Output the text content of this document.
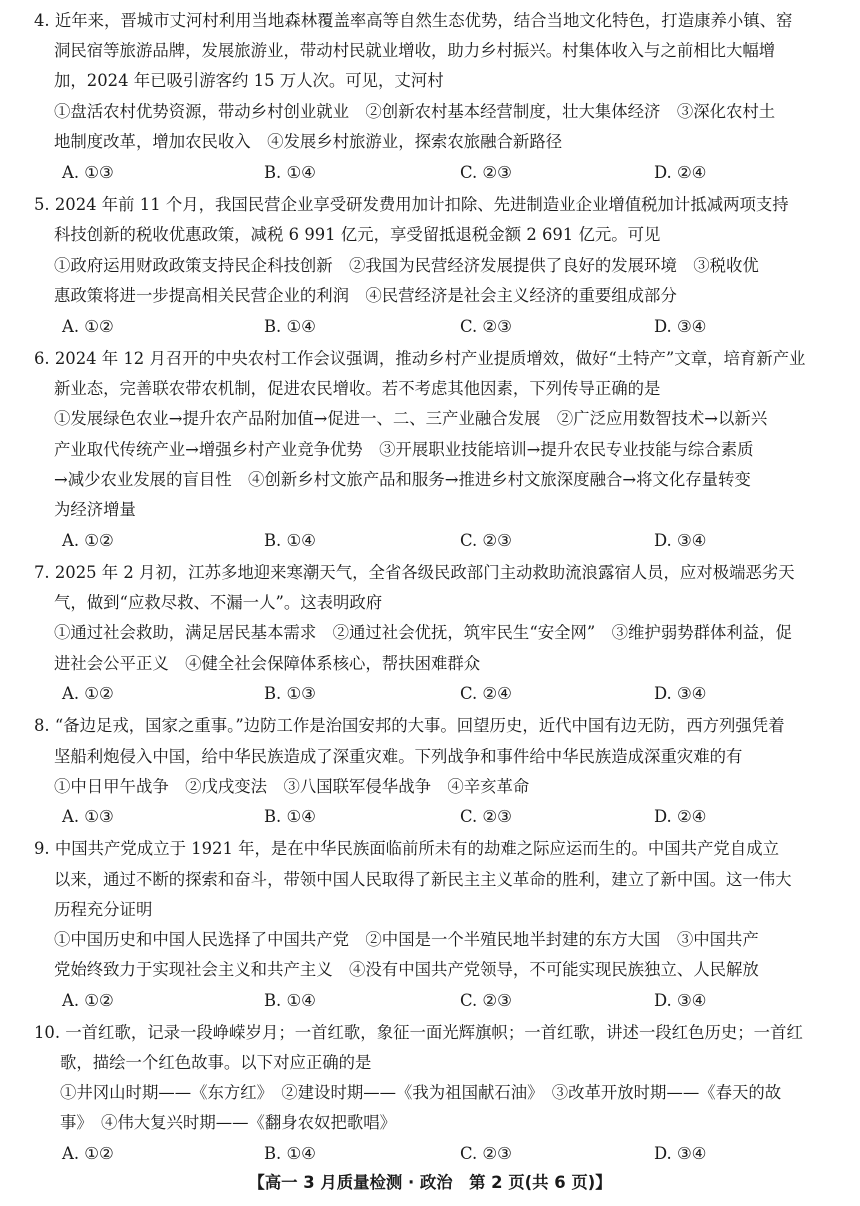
4. 近年来，晋城市丈河村利用当地森林覆盖率高等自然生态优势，结合当地文化特色，打造康养小镇、窑
洞民宿等旅游品牌，发展旅游业，带动村民就业增收，助力乡村振兴。村集体收入与之前相比大幅增
加，2024 年已吸引游客约 15 万人次。可见，丈河村
①盘活农村优势资源，带动乡村创业就业　②创新农村基本经营制度，壮大集体经济　③深化农村土
地制度改革，增加农民收入　④发展乡村旅游业，探索农旅融合新路径
A. ①③	B. ①④	C. ②③	D. ②④
5. 2024 年前 11 个月，我国民营企业享受研发费用加计扣除、先进制造业企业增值税加计抵减两项支持
科技创新的税收优惠政策，减税 6 991 亿元，享受留抵退税金额 2 691 亿元。可见
①政府运用财政政策支持民企科技创新　②我国为民营经济发展提供了良好的发展环境　③税收优
惠政策将进一步提高相关民营企业的利润　④民营经济是社会主义经济的重要组成部分
A. ①②	B. ①④	C. ②③	D. ③④
6. 2024 年 12 月召开的中央农村工作会议强调，推动乡村产业提质增效，做好“土特产”文章，培育新产业
新业态，完善联农带农机制，促进农民增收。若不考虑其他因素，下列传导正确的是
①发展绿色农业→提升农产品附加值→促进一、二、三产业融合发展　②广泛应用数智技术→以新兴
产业取代传统产业→增强乡村产业竞争优势　③开展职业技能培训→提升农民专业技能与综合素质
→减少农业发展的盲目性　④创新乡村文旅产品和服务→推进乡村文旅深度融合→将文化存量转变
为经济增量
A. ①②	B. ①④	C. ②③	D. ③④
7. 2025 年 2 月初，江苏多地迎来寒潮天气，全省各级民政部门主动救助流浪露宿人员，应对极端恶劣天
气，做到“应救尽救、不漏一人”。这表明政府
①通过社会救助，满足居民基本需求　②通过社会优抚，筑牢民生“安全网”　③维护弱势群体利益，促
进社会公平正义　④健全社会保障体系核心，帮扶困难群众
A. ①②	B. ①③	C. ②④	D. ③④
8. “备边足戎，国家之重事。”边防工作是治国安邦的大事。回望历史，近代中国有边无防，西方列强凭着
坚船利炮侵入中国，给中华民族造成了深重灾难。下列战争和事件给中华民族造成深重灾难的有
①中日甲午战争　②戊戌变法　③八国联军侵华战争　④辛亥革命
A. ①③	B. ①④	C. ②③	D. ②④
9. 中国共产党成立于 1921 年，是在中华民族面临前所未有的劫难之际应运而生的。中国共产党自成立
以来，通过不断的探索和奋斗，带领中国人民取得了新民主主义革命的胜利，建立了新中国。这一伟大
历程充分证明
①中国历史和中国人民选择了中国共产党　②中国是一个半殖民地半封建的东方大国　③中国共产
党始终致力于实现社会主义和共产主义　④没有中国共产党领导，不可能实现民族独立、人民解放
A. ①②	B. ①④	C. ②③	D. ③④
10. 一首红歌，记录一段峥嵘岁月；一首红歌，象征一面光辉旗帜；一首红歌，讲述一段红色历史；一首红
歌，描绘一个红色故事。以下对应正确的是
①井冈山时期——《东方红》　②建设时期——《我为祖国献石油》　③改革开放时期——《春天的故
事》　④伟大复兴时期——《翻身农奴把歌唱》
A. ①②	B. ①④	C. ②③	D. ③④
【高一 3 月质量检测 · 政治　第 2 页(共 6 页)】
